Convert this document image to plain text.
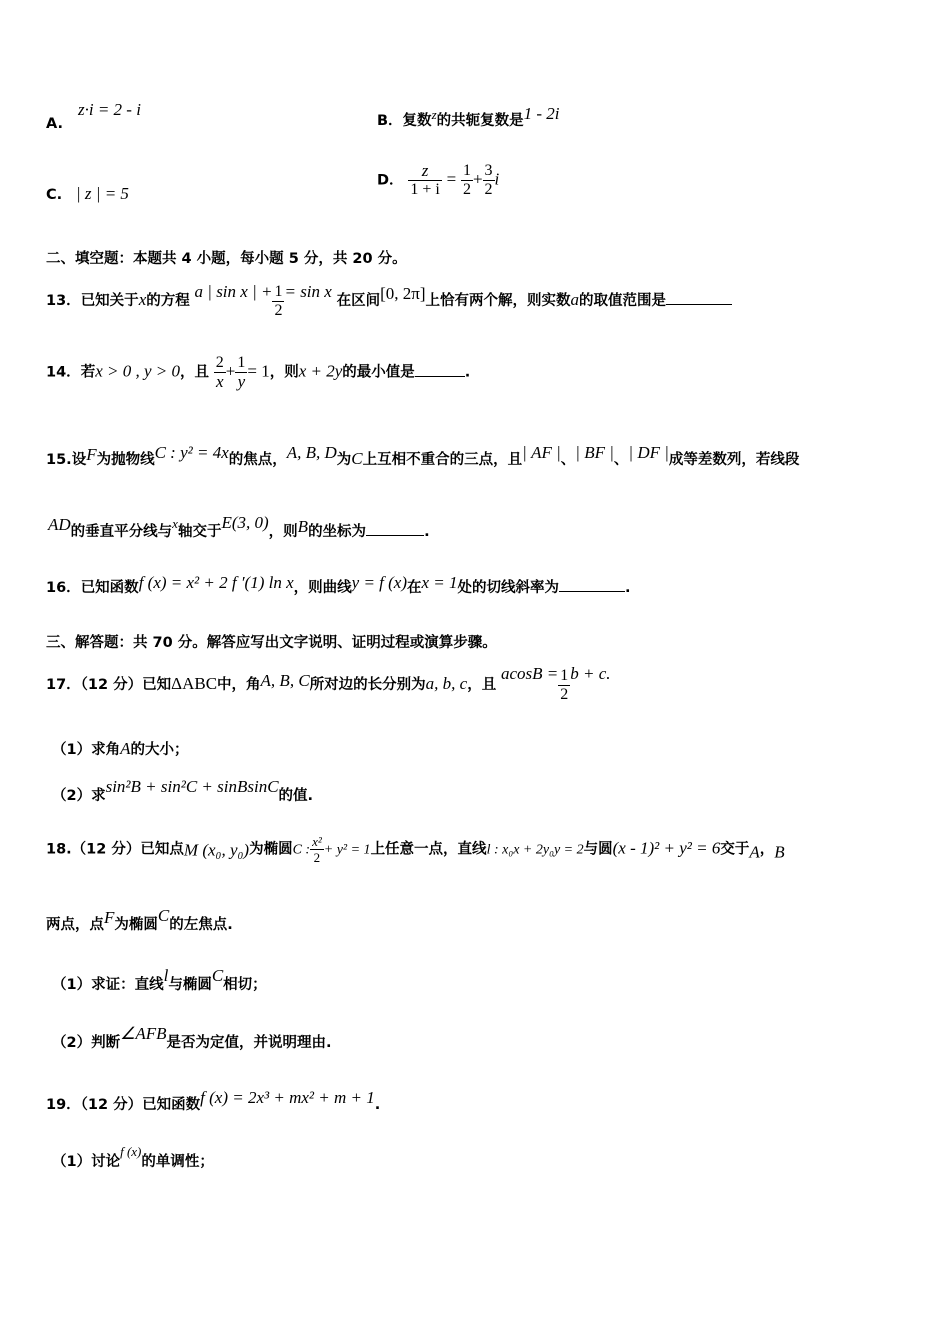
A.
z·i = 2 - i
B．复数z的共轭复数是1 - 2i
C. | z | = 5
D． $\frac{z}{1 + i} = \frac{1}{2} + \frac{3}{2}$ i
二、填空题：本题共 4 小题，每小题 5 分，共 20 分。
13．已知关于x的方程 a | sin x | + $\frac{1}{2} = \sin x$ 在区间[0, 2π]上恰有两个解，则实数a的取值范围是
14．若x > 0 , y > 0，且 $\frac{2}{x} + \frac{1}{y} = 1$，则x + 2y的最小值是	.
15.设F为抛物线C : y² = 4x的焦点，A, B, D为C上互相不重合的三点，且| AF |、| BF |、| DF |成等差数列，若线段
AD的垂直平分线与x轴交于E(3, 0)，则B的坐标为	.
16．已知函数f (x) = x² + 2 f ′(1) ln x，则曲线y = f (x)在x = 1处的切线斜率为	.
三、解答题：共 70 分。解答应写出文字说明、证明过程或演算步骤。
17．（12 分）已知ΔABC中，角A, B, C所对边的长分别为a, b, c，且 $acosB = \frac{1}{2}$ b + c.
（1）求角A的大小；
（2）求sin²B + sin²C + sinBsinC的值.
18.（12 分）已知点M (x₀, y₀)为椭圆C : $\frac{\text{x²}}{2} + y^2 = 1$上任意一点，直线l : x₀x + 2y₀y = 2与圆(x - 1)² + y² = 6交于A，B
两点，点F为椭圆C的左焦点.
（1）求证：直线l与椭圆C相切；
（2）判断∠AFB是否为定值，并说明理由.
19．（12 分）已知函数f (x) = 2x³ + mx² + m + 1.
（1）讨论f (x)的单调性；
